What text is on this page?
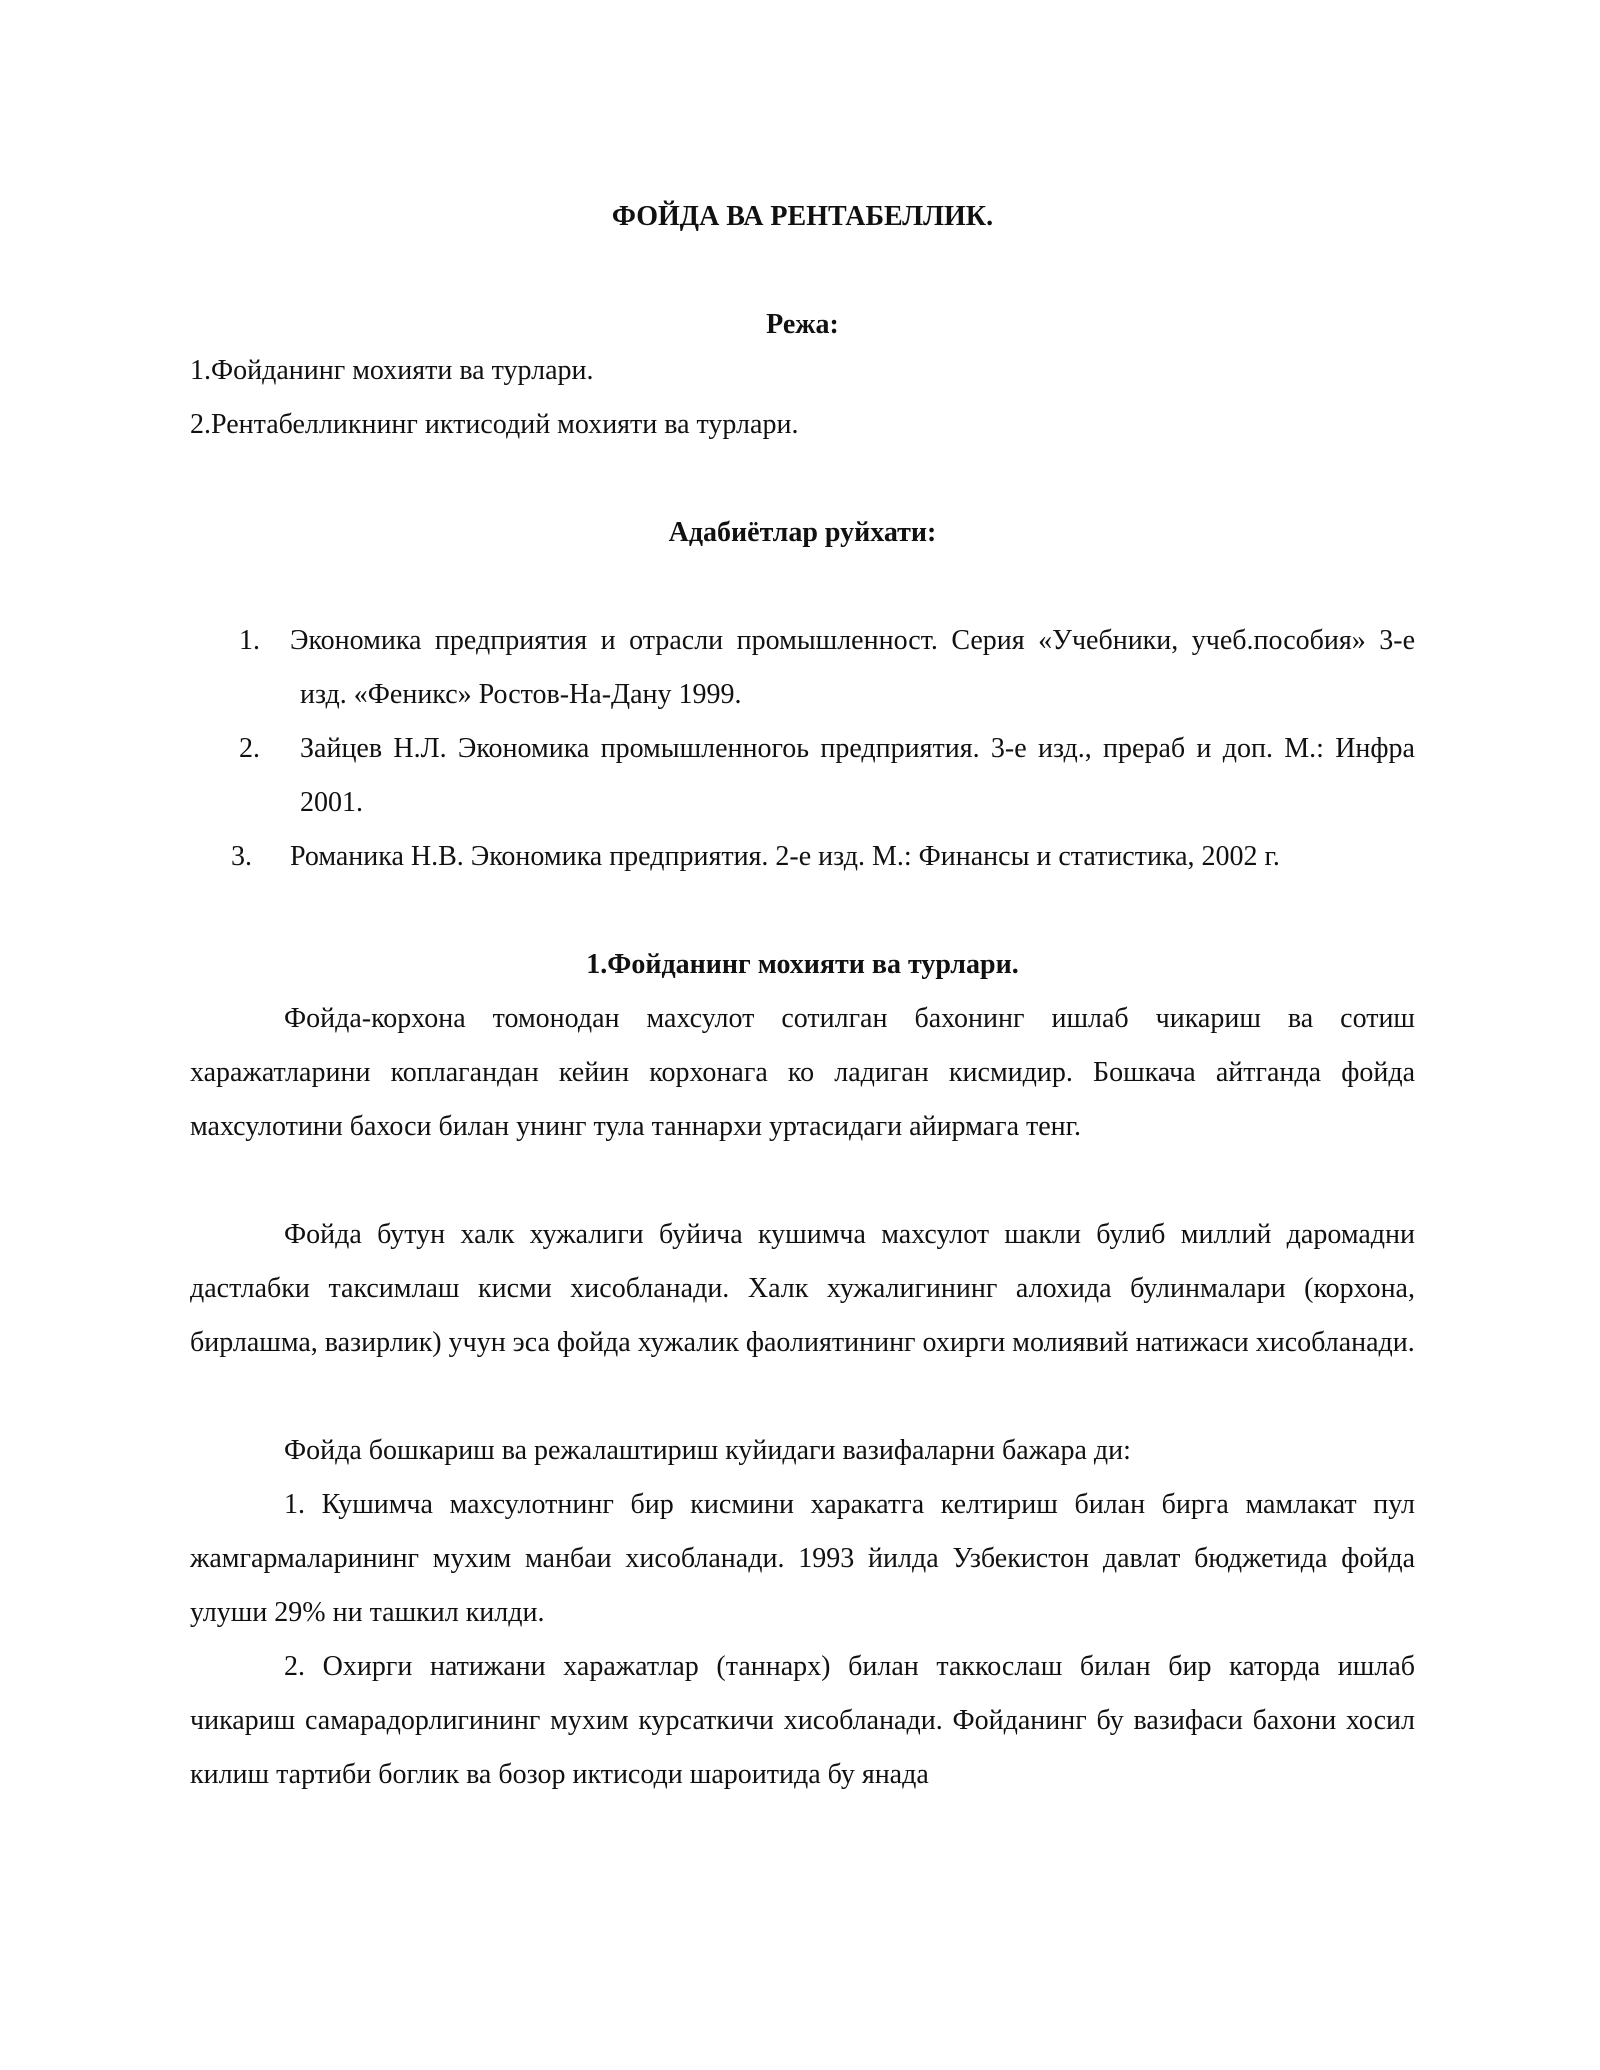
ФОЙДА ВА РЕНТАБЕЛЛИК.
Режа:
1.Фойданинг мохияти ва турлари.
2.Рентабелликнинг иктисодий мохияти ва турлари.
Адабиётлар руйхати:
1. Экономика предприятия и отрасли промышленност. Серия «Учебники, учеб.пособия» 3-е изд. «Феникс» Ростов-На-Дану 1999.
2. Зайцев Н.Л. Экономика промышленногоь предприятия. 3-е изд., прераб и доп. М.: Инфра 2001.
3. Романика Н.В. Экономика предприятия. 2-е изд. М.: Финансы и статистика, 2002 г.
1.Фойданинг мохияти ва турлари.
Фойда-корхона томонодан махсулот сотилган бахонинг ишлаб чикариш ва сотиш харажатларини коплагандан кейин корхонага ко ладиган кисмидир. Бошкача айтганда фойда махсулотини бахоси билан унинг тула таннархи уртасидаги айирмага тенг.
Фойда бутун халк хужалиги буйича кушимча махсулот шакли булиб миллий даромадни дастлабки таксимлаш кисми хисобланади. Халк хужалигининг алохида булинмалари (корхона, бирлашма, вазирлик) учун эса фойда хужалик фаолиятининг охирги молиявий натижаси хисобланади.
Фойда бошкариш ва режалаштириш куйидаги вазифаларни бажара ди:
1. Кушимча махсулотнинг бир кисмини харакатга келтириш билан бирга мамлакат пул жамгармаларининг мухим манбаи хисобланади. 1993 йилда Узбекистон давлат бюджетида фойда улуши 29% ни ташкил килди.
2. Охирги натижани харажатлар (таннарх) билан таккослаш билан бир каторда ишлаб чикариш самарадорлигининг мухим курсаткичи хисобланади. Фойданинг бу вазифаси бахони хосил килиш тартиби боглик ва бозор иктисоди шароитида бу янада
